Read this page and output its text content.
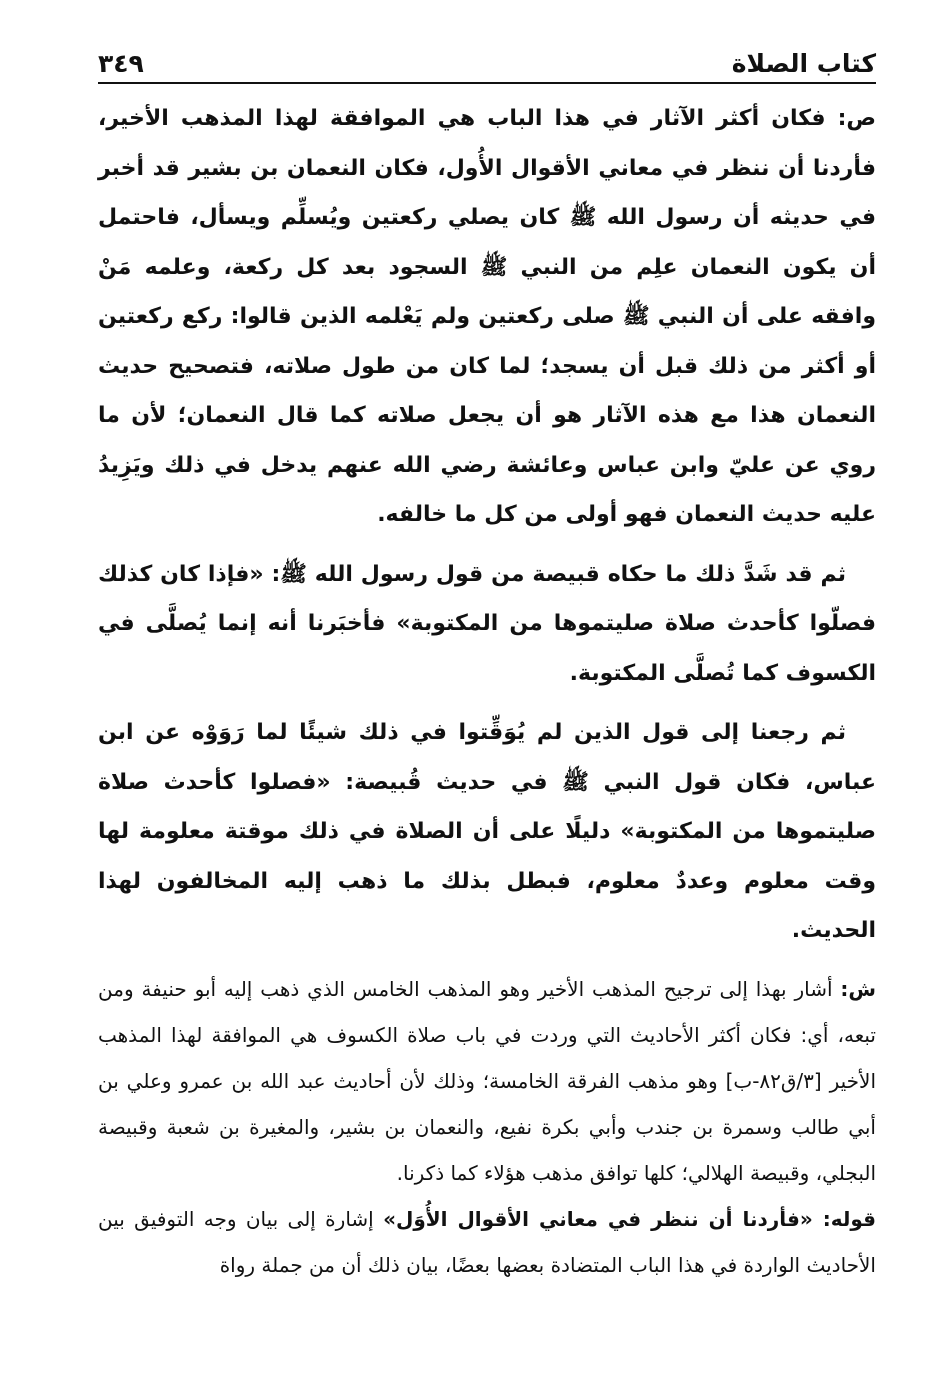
كتاب الصلاة
٣٤٩

ص: فكان أكثر الآثار في هذا الباب هي الموافقة لهذا المذهب الأخير، فأردنا أن ننظر في معاني الأقوال الأُول، فكان النعمان بن بشير قد أخبر في حديثه أن رسول الله ﷺ كان يصلي ركعتين ويُسلِّم ويسأل، فاحتمل أن يكون النعمان علِم من النبي ﷺ السجود بعد كل ركعة، وعلمه مَنْ وافقه على أن النبي ﷺ صلى ركعتين ولم يَعْلمه الذين قالوا: ركع ركعتين أو أكثر من ذلك قبل أن يسجد؛ لما كان من طول صلاته، فتصحيح حديث النعمان هذا مع هذه الآثار هو أن يجعل صلاته كما قال النعمان؛ لأن ما روي عن عليّ وابن عباس وعائشة رضي الله عنهم يدخل في ذلك ويَزِيدُ عليه حديث النعمان فهو أولى من كل ما خالفه.

ثم قد شَدَّ ذلك ما حكاه قبيصة من قول رسول الله ﷺ: «فإذا كان كذلك فصلّوا كأحدث صلاة صليتموها من المكتوبة» فأخبَرنا أنه إنما يُصلَّى في الكسوف كما تُصلَّى المكتوبة.

ثم رجعنا إلى قول الذين لم يُوَقِّتوا في ذلك شيئًا لما رَوَوْه عن ابن عباس، فكان قول النبي ﷺ في حديث قُبيصة: «فصلوا كأحدث صلاة صليتموها من المكتوبة» دليلًا على أن الصلاة في ذلك موقتة معلومة لها وقت معلوم وعددٌ معلوم، فبطل بذلك ما ذهب إليه المخالفون لهذا الحديث.

ش: أشار بهذا إلى ترجيح المذهب الأخير وهو المذهب الخامس الذي ذهب إليه أبو حنيفة ومن تبعه، أي: فكان أكثر الأحاديث التي وردت في باب صلاة الكسوف هي الموافقة لهذا المذهب الأخير [٣/ق٨٢-ب] وهو مذهب الفرقة الخامسة؛ وذلك لأن أحاديث عبد الله بن عمرو وعلي بن أبي طالب وسمرة بن جندب وأبي بكرة نفيع، والنعمان بن بشير، والمغيرة بن شعبة وقبيصة البجلي، وقبيصة الهلالي؛ كلها توافق مذهب هؤلاء كما ذكرنا.

قوله: «فأردنا أن ننظر في معاني الأقوال الأُوَل» إشارة إلى بيان وجه التوفيق بين الأحاديث الواردة في هذا الباب المتضادة بعضها بعضًا، بيان ذلك أن من جملة رواة
